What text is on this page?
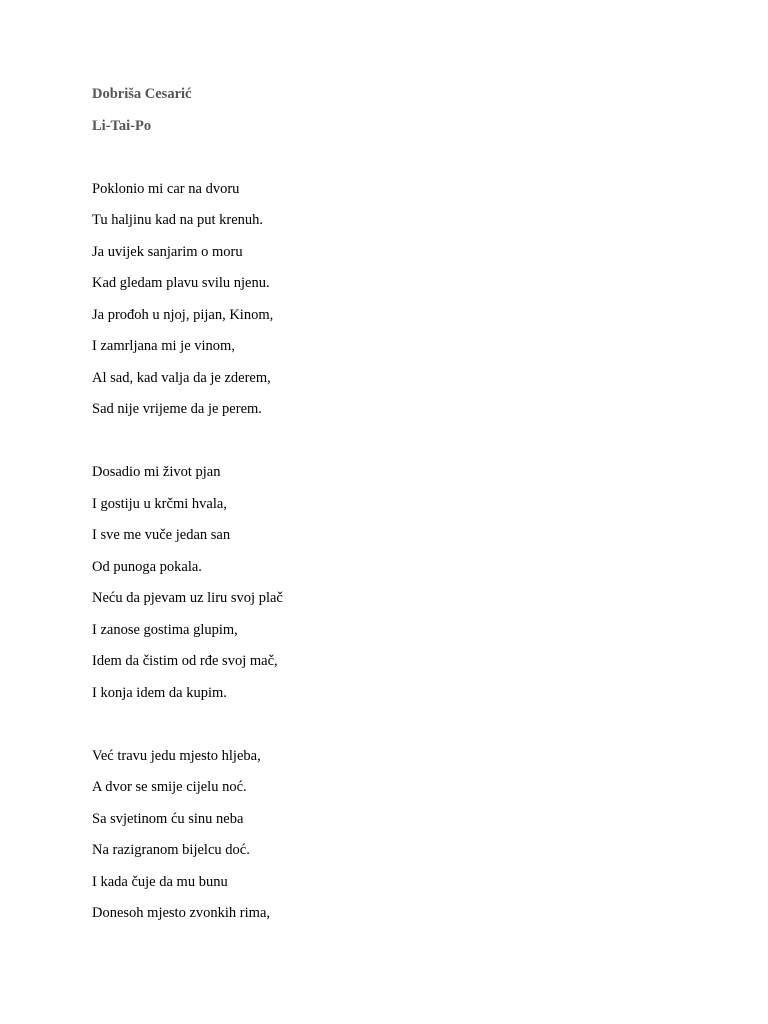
Dobriša Cesarić
Li-Tai-Po
Poklonio mi car na dvoru
Tu haljinu kad na put krenuh.
Ja uvijek sanjarim o moru
Kad gledam plavu svilu njenu.
Ja prođoh u njoj, pijan, Kinom,
I zamrljana mi je vinom,
Al sad, kad valja da je zderem,
Sad nije vrijeme da je perem.
Dosadio mi život pjan
I gostiju u krčmi hvala,
I sve me vuče jedan san
Od punoga pokala.
Neću da pjevam uz liru svoj plač
I zanose gostima glupim,
Idem da čistim od rđe svoj mač,
I konja idem da kupim.
Već travu jedu mjesto hljeba,
A dvor se smije cijelu noć.
Sa svjetinom ću sinu neba
Na razigranom bijelcu doć.
I kada čuje da mu bunu
Donesoh mjesto zvonkih rima,
